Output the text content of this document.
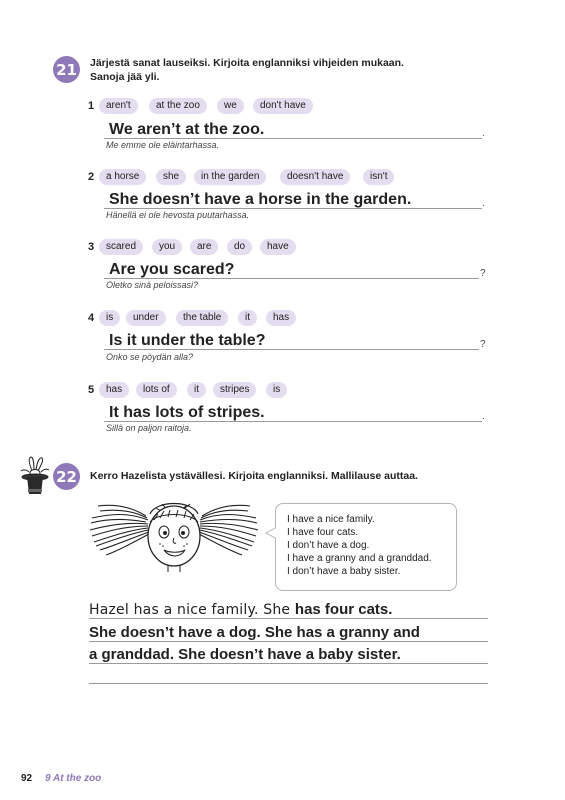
21 Järjestä sanat lauseiksi. Kirjoita englanniksi vihjeiden mukaan.
Sanoja jää yli.
1	aren't	at the zoo	we	don't have
We aren’t at the zoo.	.
Me emme ole eläintarhassa.
2	a horse	she	in the garden	doesn't have	isn't
She doesn’t have a horse in the garden.	.
Hänellä ei ole hevosta puutarhassa.
3	scared	you	are	do	have
Are you scared?	?
Oletko sinä peloissasi?
4	is	under	the table	it	has
Is it under the table?	?
Onko se pöydän alla?
5	has	lots of	it	stripes	is
It has lots of stripes.	.
Sillä on paljon raitoja.
22 Kerro Hazelista ystävällesi. Kirjoita englanniksi. Mallilause auttaa.
I have a nice family.
I have four cats.
I don’t have a dog.
I have a granny and a granddad.
I don’t have a baby sister.
Hazel has a nice family. She has four cats.
She doesn’t have a dog. She has a granny and
a granddad. She doesn’t have a baby sister.
92 9 At the zoo
